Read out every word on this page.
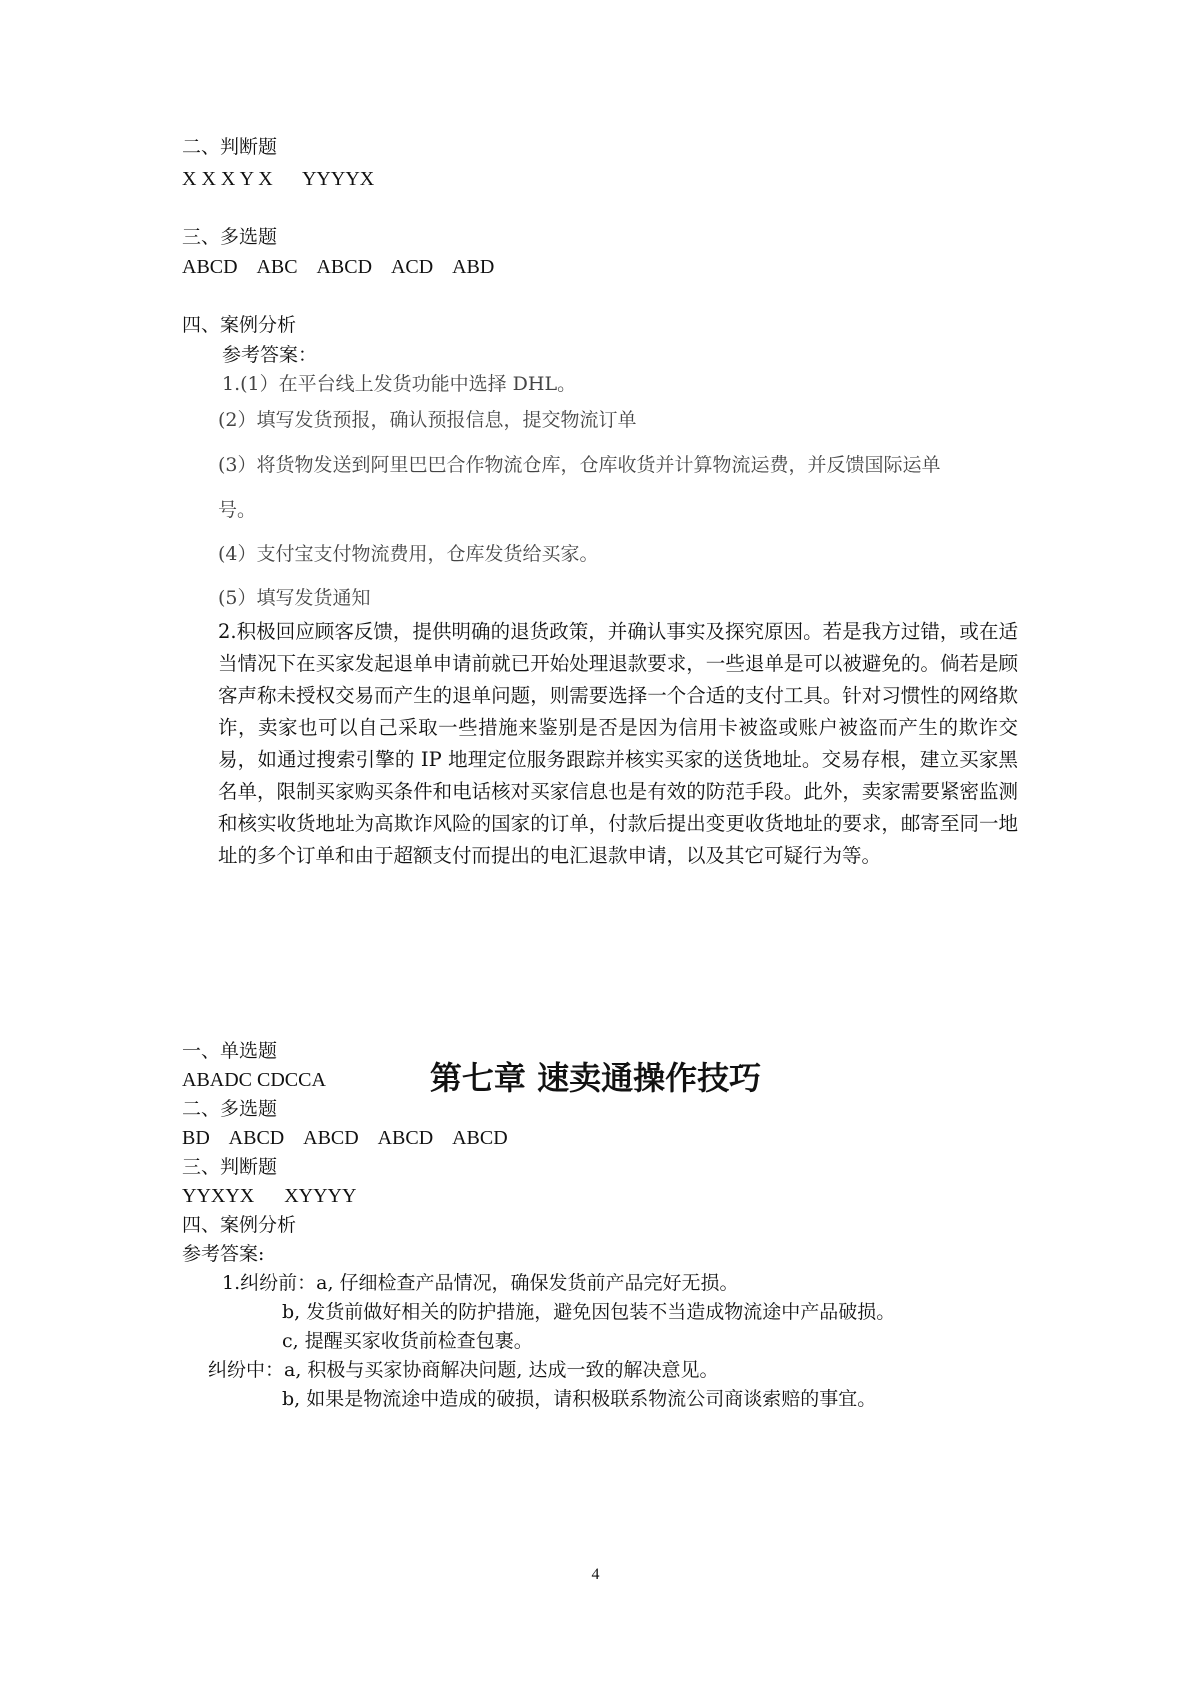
二、判断题
X X X Y X      YYYYX
三、多选题
ABCD    ABC    ABCD    ACD    ABD
四、案例分析
参考答案：
1.(1）在平台线上发货功能中选择 DHL。
(2）填写发货预报，确认预报信息，提交物流订单
(3）将货物发送到阿里巴巴合作物流仓库，仓库收货并计算物流运费，并反馈国际运单
号。
(4）支付宝支付物流费用，仓库发货给买家。
(5）填写发货通知
2.积极回应顾客反馈，提供明确的退货政策，并确认事实及探究原因。若是我方过错，或在适当情况下在买家发起退单申请前就已开始处理退款要求，一些退单是可以被避免的。倘若是顾客声称未授权交易而产生的退单问题，则需要选择一个合适的支付工具。针对习惯性的网络欺诈，卖家也可以自己采取一些措施来鉴别是否是因为信用卡被盗或账户被盗而产生的欺诈交易，如通过搜索引擎的 IP 地理定位服务跟踪并核实买家的送货地址。交易存根，建立买家黑名单，限制买家购买条件和电话核对买家信息也是有效的防范手段。此外，卖家需要紧密监测和核实收货地址为高欺诈风险的国家的订单，付款后提出变更收货地址的要求，邮寄至同一地址的多个订单和由于超额支付而提出的电汇退款申请，以及其它可疑行为等。
第七章 速卖通操作技巧
一、单选题
ABADC CDCCA
二、多选题
BD    ABCD    ABCD    ABCD    ABCD
三、判断题
YYXYX      XYYYY
四、案例分析
参考答案:
1.纠纷前：a, 仔细检查产品情况，确保发货前产品完好无损。
b, 发货前做好相关的防护措施，避免因包装不当造成物流途中产品破损。
c, 提醒买家收货前检查包裹。
纠纷中：a, 积极与买家协商解决问题, 达成一致的解决意见。
b, 如果是物流途中造成的破损，请积极联系物流公司商谈索赔的事宜。
4
